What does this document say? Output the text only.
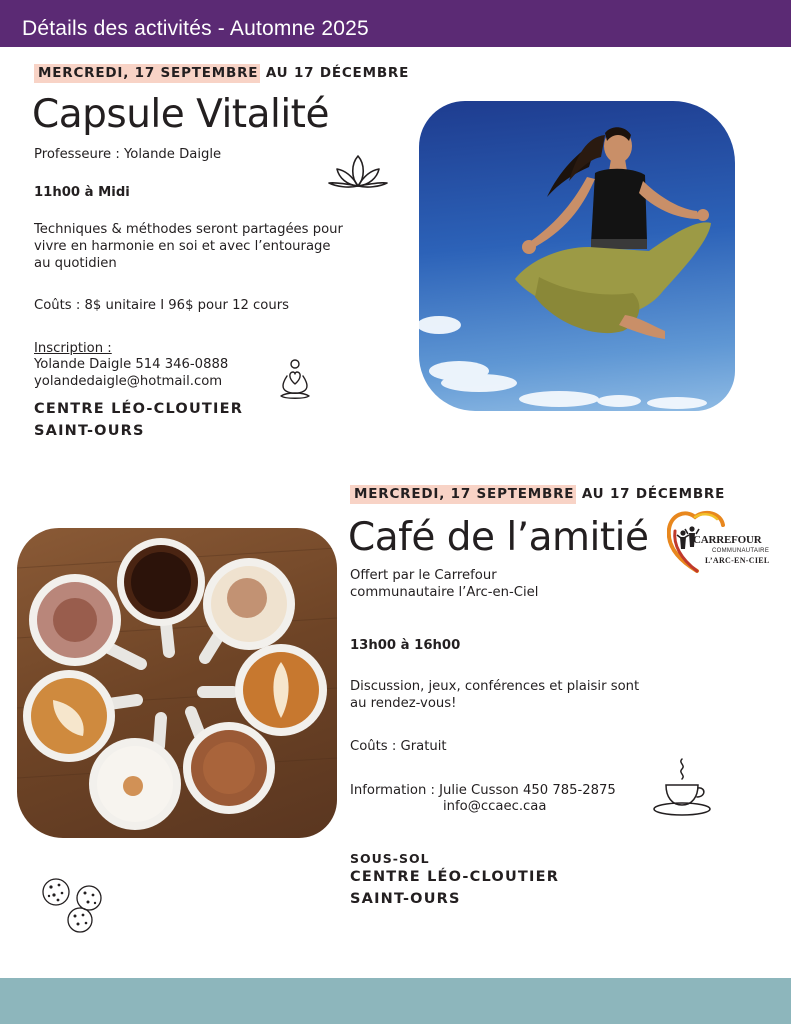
Détails des activités - Automne 2025
MERCREDI, 17 SEPTEMBRE AU 17 DÉCEMBRE
Capsule Vitalité
Professeure : Yolande Daigle
11h00 à Midi
Techniques & méthodes seront partagées pour
vivre en harmonie en soi et avec l’entourage
au quotidien
Coûts : 8$ unitaire I 96$ pour 12 cours
Inscription :
Yolande Daigle 514 346-0888
yolandedaigle@hotmail.com
CENTRE LÉO-CLOUTIER
SAINT-OURS
MERCREDI, 17 SEPTEMBRE AU 17 DÉCEMBRE
Café de l’amitié	CARREFOUR
COMMUNAUTAIRE
L’ARC-EN-CIEL
Offert par le Carrefour
communautaire l’Arc-en-Ciel
13h00 à 16h00
Discussion, jeux, conférences et plaisir sont
au rendez-vous!
Coûts : Gratuit
Information : Julie Cusson 450 785-2875
info@ccaec.caa
SOUS-SOL
CENTRE LÉO-CLOUTIER
SAINT-OURS
